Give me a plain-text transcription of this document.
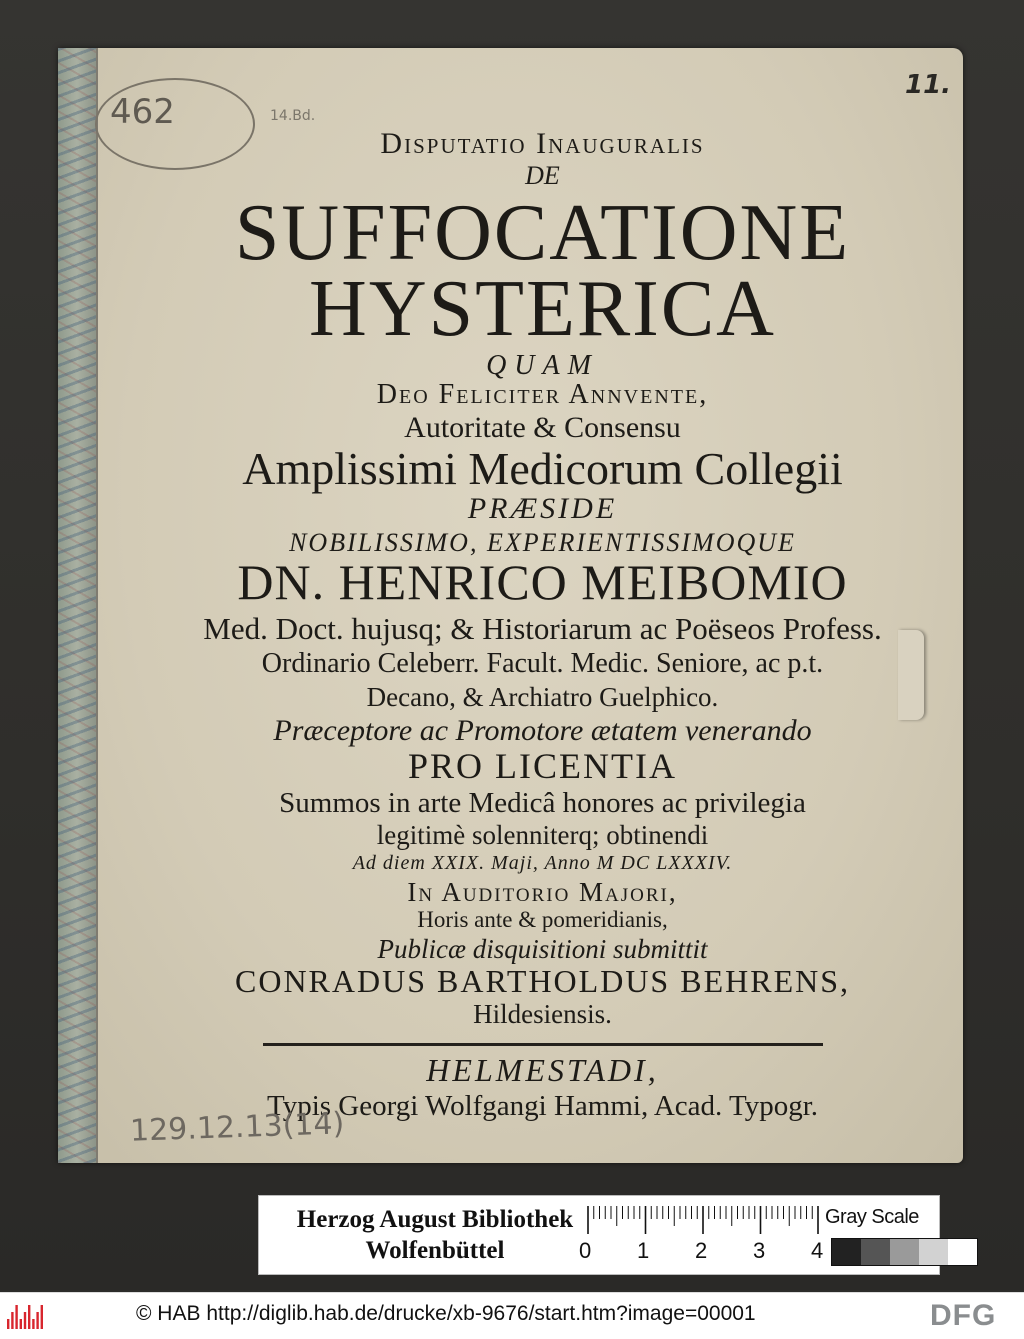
462	14.Bd.
11.

Disputatio Inauguralis

DE

SUFFOCATIONE

HYSTERICA

QUAM

Deo Feliciter Annvente,

Autoritate & Consensu

Amplissimi Medicorum Collegii

PRÆSIDE

NOBILISSIMO, EXPERIENTISSIMOQUE

DN. HENRICO MEIBOMIO

Med. Doct. hujusq; & Historiarum ac Poëseos Profess.

Ordinario Celeberr. Facult. Medic. Seniore, ac p.t.

Decano, & Archiatro Guelphico.

Præceptore ac Promotore ætatem venerando

PRO LICENTIA

Summos in arte Medicâ honores ac privilegia

legitimè solenniterq; obtinendi

Ad diem XXIX. Maji, Anno M DC LXXXIV.

In Auditorio Majori,

Horis ante & pomeridianis,

Publicæ disquisitioni submittit

CONRADUS BARTHOLDUS BEHRENS,

Hildesiensis.

HELMESTADI,

Typis Georgi Wolfgangi Hammi, Acad. Typogr.

129.12.13(14)
Herzog August Bibliothek
Wolfenbüttel	0 1 2 3 4
Gray Scale
© HAB http://diglib.hab.de/drucke/xb-9676/start.htm?image=00001	DFG
